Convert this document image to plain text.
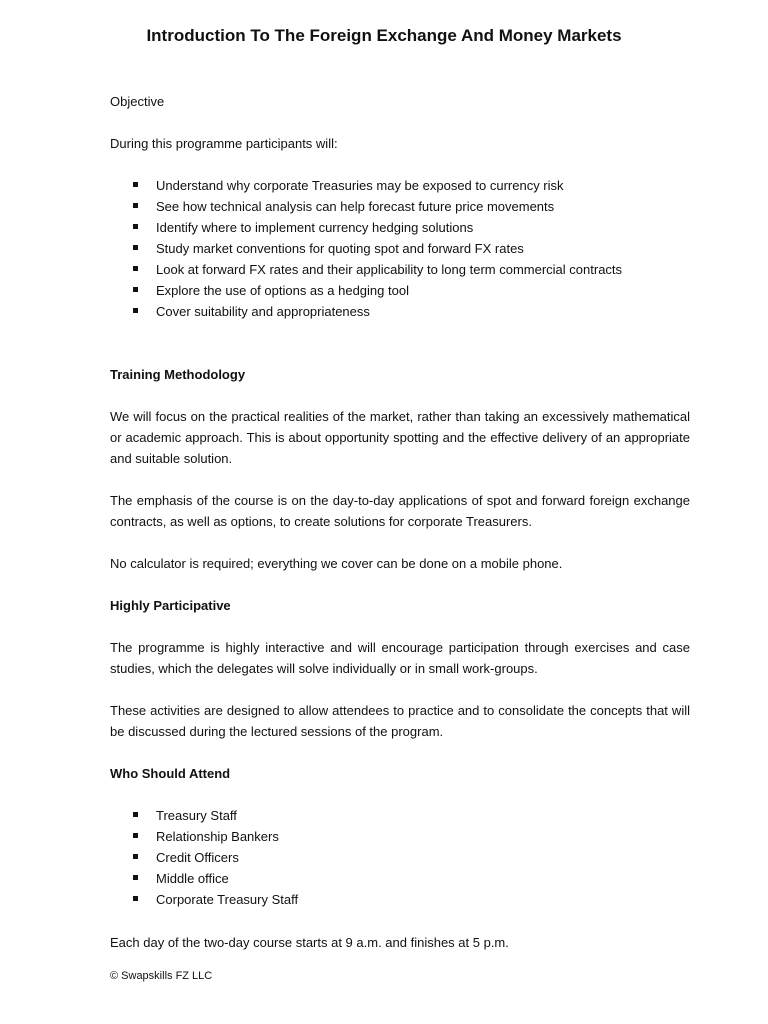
Introduction To The Foreign Exchange And Money Markets

Objective

During this programme participants will:

Understand why corporate Treasuries may be exposed to currency risk
See how technical analysis can help forecast future price movements
Identify where to implement currency hedging solutions
Study market conventions for quoting spot and forward FX rates
Look at forward FX rates and their applicability to long term commercial contracts
Explore the use of options as a hedging tool
Cover suitability and appropriateness
Training Methodology

We will focus on the practical realities of the market, rather than taking an excessively mathematical or academic approach. This is about opportunity spotting and the effective delivery of an appropriate and suitable solution.

The emphasis of the course is on the day-to-day applications of spot and forward foreign exchange contracts, as well as options, to create solutions for corporate Treasurers.

No calculator is required; everything we cover can be done on a mobile phone.

Highly Participative

The programme is highly interactive and will encourage participation through exercises and case studies, which the delegates will solve individually or in small work-groups.

These activities are designed to allow attendees to practice and to consolidate the concepts that will be discussed during the lectured sessions of the program.

Who Should Attend
Treasury Staff
Relationship Bankers
Credit Officers
Middle office
Corporate Treasury Staff

Each day of the two-day course starts at 9 a.m. and finishes at 5 p.m.

© Swapskills FZ LLC
